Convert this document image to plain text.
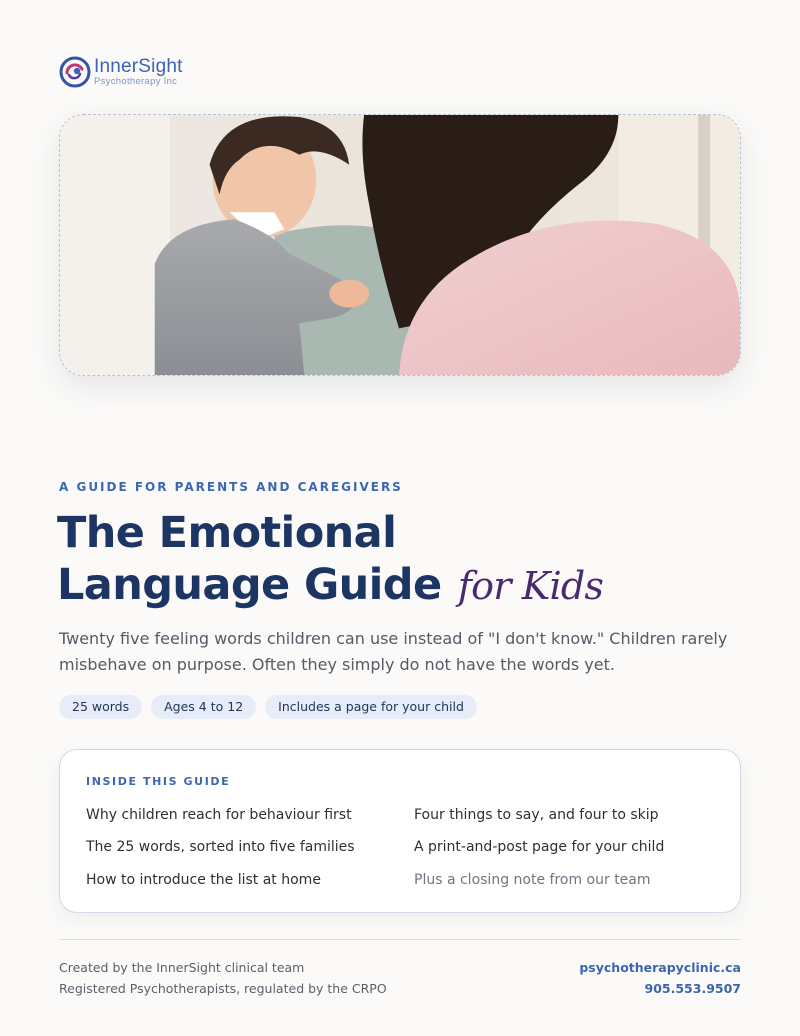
InnerSight
Psychotherapy Inc
A GUIDE FOR PARENTS AND CAREGIVERS
The Emotional
Language Guide for Kids

Twenty five feeling words children can use instead of "I don't know." Children rarely misbehave on purpose. Often they simply do not have the words yet.

25 words	Ages 4 to 12	Includes a page for your child
INSIDE THIS GUIDE
Why children reach for behaviour first
The 25 words, sorted into five families
How to introduce the list at home
Four things to say, and four to skip
A print-and-post page for your child
Plus a closing note from our team
Created by the InnerSight clinical team
Registered Psychotherapists, regulated by the CRPO
psychotherapyclinic.ca
905.553.9507
